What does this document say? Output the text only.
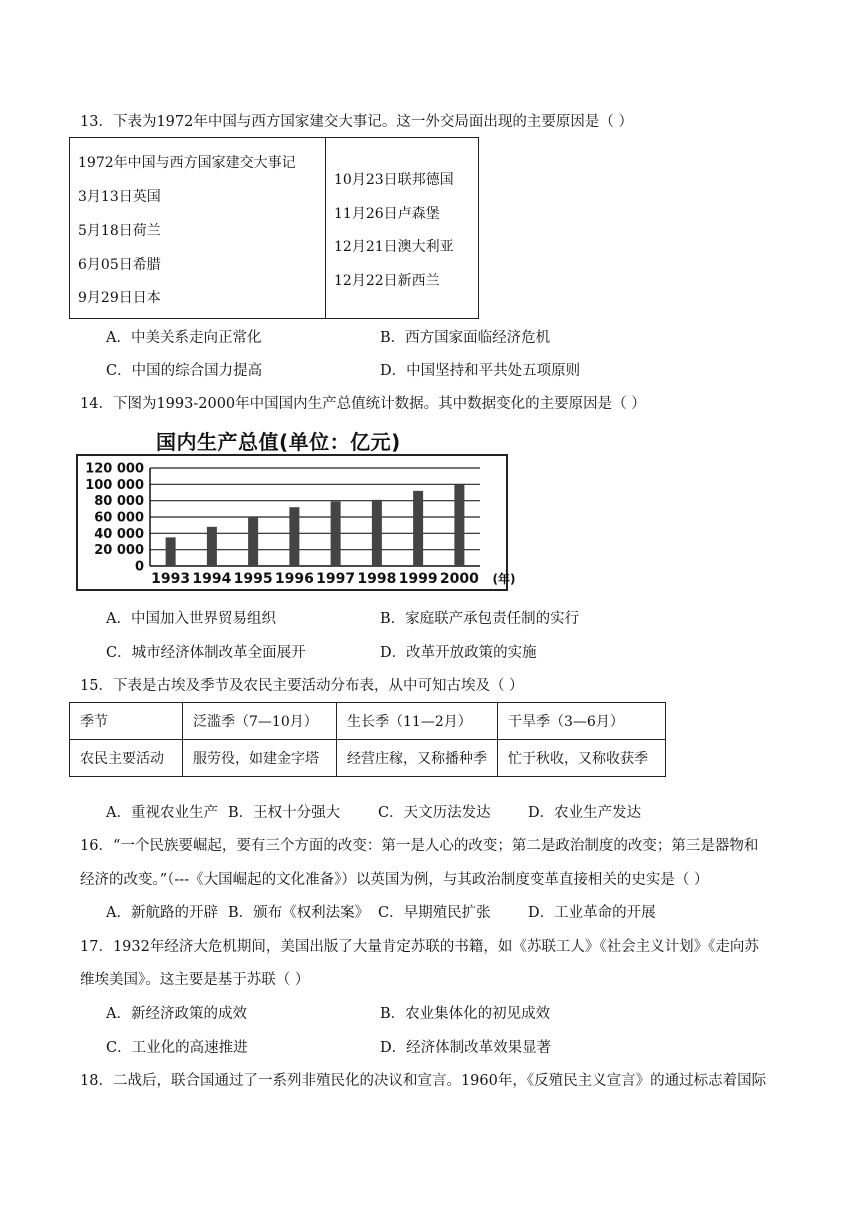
13．下表为1972年中国与西方国家建交大事记。这一外交局面出现的主要原因是（ ）
1972年中国与西方国家建交大事记
3月13日英国
5月18日荷兰
6月05日希腊
9月29日日本
10月23日联邦德国
11月26日卢森堡
12月21日澳大利亚
12月22日新西兰
A．中美关系走向正常化	B．西方国家面临经济危机
C．中国的综合国力提高	D．中国坚持和平共处五项原则
14．下图为1993-2000年中国国内生产总值统计数据。其中数据变化的主要原因是（ ）
国内生产总值(单位：亿元)
120 000
100 000
80 000
60 000
40 000
20 000
0
1993 1994 1995 1996 1997 1998 1999 2000 (年)
A．中国加入世界贸易组织	B．家庭联产承包责任制的实行
C．城市经济体制改革全面展开	D．改革开放政策的实施
15．下表是古埃及季节及农民主要活动分布表，从中可知古埃及（ ）
季节	泛滥季（7—10月）	生长季（11—2月）	干旱季（3—6月）
农民主要活动	服劳役，如建金字塔	经营庄稼，又称播种季	忙于秋收，又称收获季
A．重视农业生产 B．王权十分强大	C．天文历法发达	D．农业生产发达
16．“一个民族要崛起，要有三个方面的改变：第一是人心的改变；第二是政治制度的改变；第三是器物和
经济的改变。”（---《大国崛起的文化准备》）以英国为例，与其政治制度变革直接相关的史实是（ ）
A．新航路的开辟 B．颁布《权利法案》 C．早期殖民扩张	D．工业革命的开展
17．1932年经济大危机期间，美国出版了大量肯定苏联的书籍，如《苏联工人》《社会主义计划》《走向苏
维埃美国》。这主要是基于苏联（ ）
A．新经济政策的成效	B．农业集体化的初见成效
C．工业化的高速推进	D．经济体制改革效果显著
18．二战后，联合国通过了一系列非殖民化的决议和宣言。1960年，《反殖民主义宣言》的通过标志着国际
